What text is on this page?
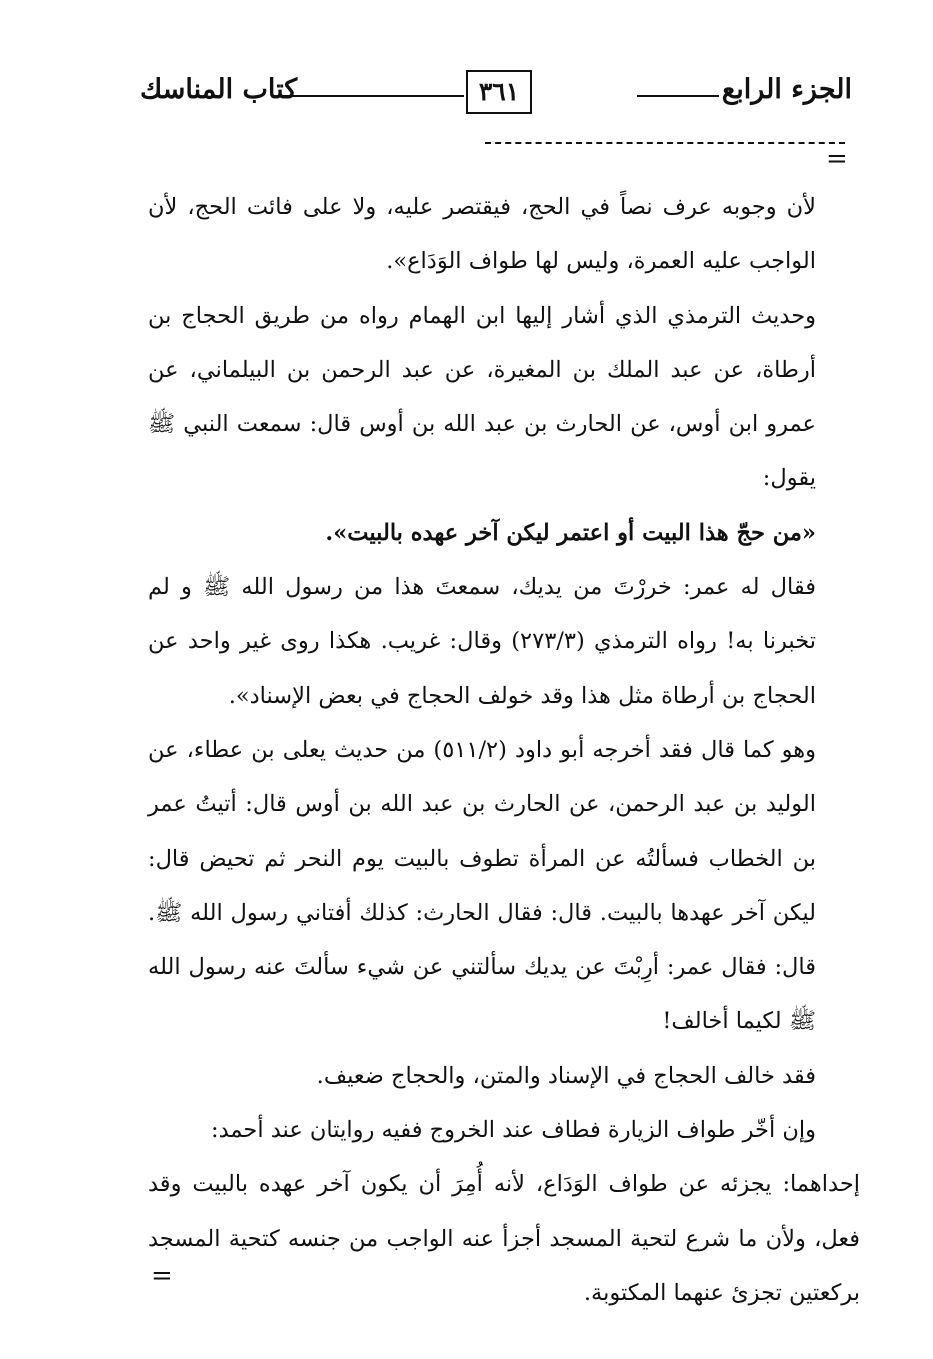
الجزء الرابع
٣٦١
كتاب المناسك
=

لأن وجوبه عرف نصاً في الحج، فيقتصر عليه، ولا على فائت الحج، لأن الواجب عليه العمرة، وليس لها طواف الوَدَاع».

وحديث الترمذي الذي أشار إليها ابن الهمام رواه من طريق الحجاج بن أرطاة، عن عبد الملك بن المغيرة، عن عبد الرحمن بن البيلماني، عن عمرو ابن أوس، عن الحارث بن عبد الله بن أوس قال: سمعت النبي ﷺ يقول:
«من حجّ هذا البيت أو اعتمر ليكن آخر عهده بالبيت».

فقال له عمر: خررْتَ من يديك، سمعتَ هذا من رسول الله ﷺ و لم تخبرنا به! رواه الترمذي (٢٧٣/٣) وقال: غريب. هكذا روى غير واحد عن الحجاج بن أرطاة مثل هذا وقد خولف الحجاج في بعض الإسناد».

وهو كما قال فقد أخرجه أبو داود (٥١١/٢) من حديث يعلى بن عطاء، عن الوليد بن عبد الرحمن، عن الحارث بن عبد الله بن أوس قال: أتيتُ عمر بن الخطاب فسألتُه عن المرأة تطوف بالبيت يوم النحر ثم تحيض قال: ليكن آخر عهدها بالبيت. قال: فقال الحارث: كذلك أفتاني رسول الله ﷺ. قال: فقال عمر: أرِبْتَ عن يديك سألتني عن شيء سألتَ عنه رسول الله ﷺ لكيما أخالف!

فقد خالف الحجاج في الإسناد والمتن، والحجاج ضعيف.

وإن أخّر طواف الزيارة فطاف عند الخروج ففيه روايتان عند أحمد:

إحداهما: يجزئه عن طواف الوَدَاع، لأنه أُمِرَ أن يكون آخر عهده بالبيت وقد فعل، ولأن ما شرع لتحية المسجد أجزأ عنه الواجب من جنسه كتحية المسجد بركعتين تجزئ عنهما المكتوبة.

=
